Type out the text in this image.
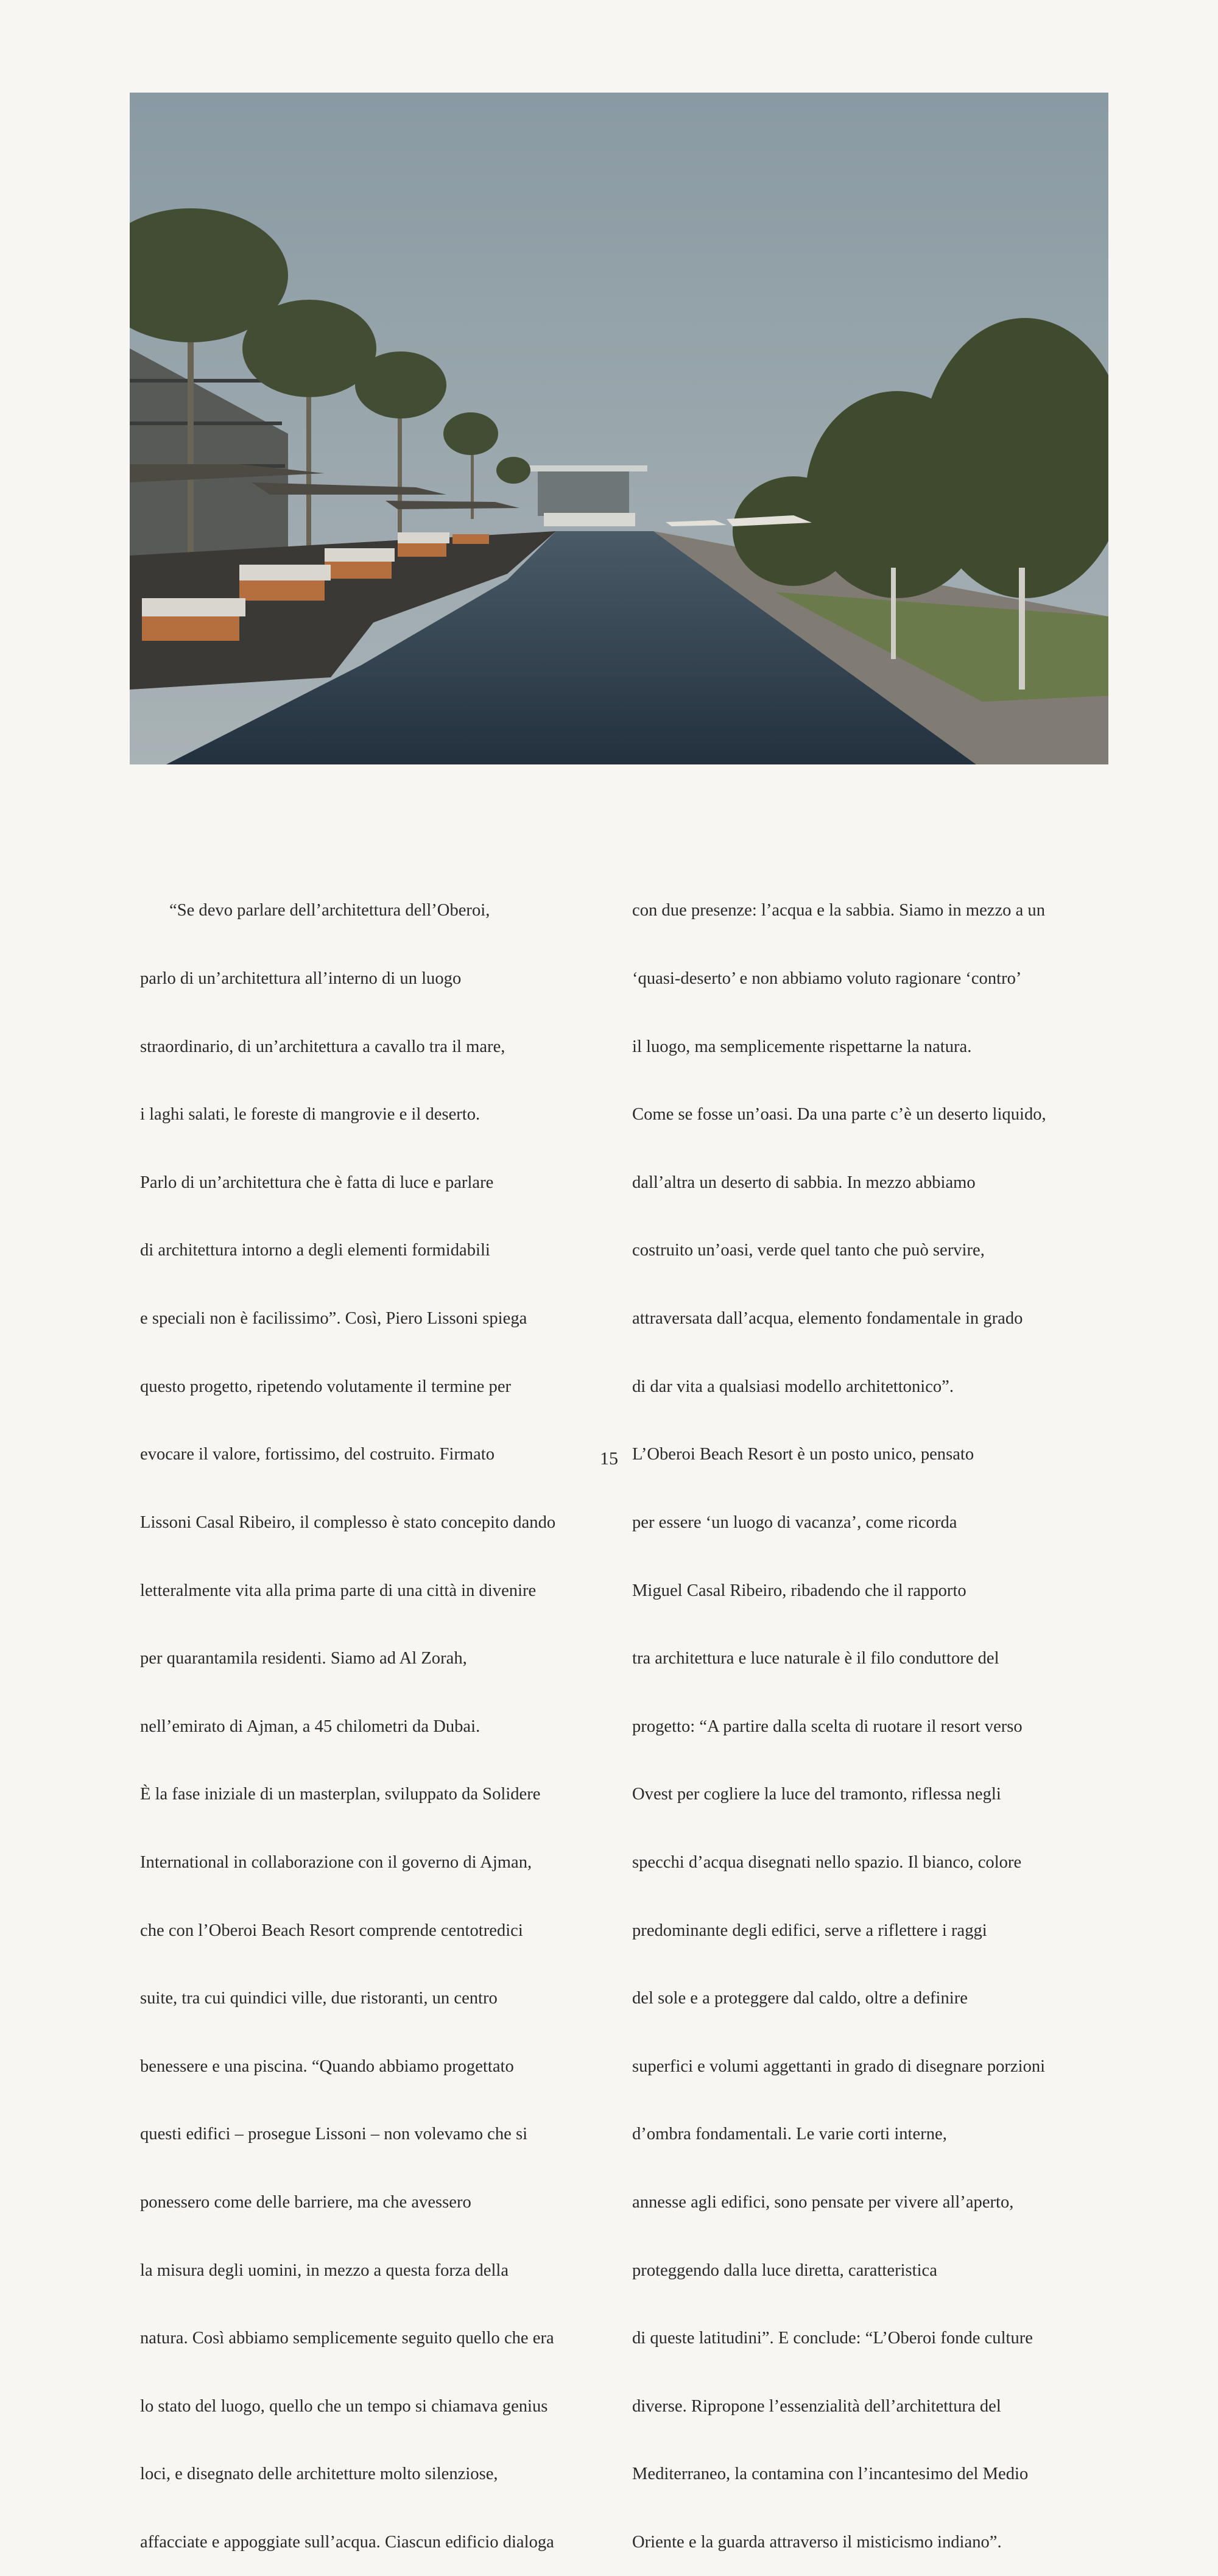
“Se devo parlare dell’architettura dell’Oberoi,

parlo di un’architettura all’interno di un luogo

straordinario, di un’architettura a cavallo tra il mare,

i laghi salati, le foreste di mangrovie e il deserto.

Parlo di un’architettura che è fatta di luce e parlare

di architettura intorno a degli elementi formidabili

e speciali non è facilissimo”. Così, Piero Lissoni spiega

questo progetto, ripetendo volutamente il termine per

evocare il valore, fortissimo, del costruito. Firmato

Lissoni Casal Ribeiro, il complesso è stato concepito dando

letteralmente vita alla prima parte di una città in divenire

per quarantamila residenti. Siamo ad Al Zorah,

nell’emirato di Ajman, a 45 chilometri da Dubai.

È la fase iniziale di un masterplan, sviluppato da Solidere

International in collaborazione con il governo di Ajman,

che con l’Oberoi Beach Resort comprende centotredici

suite, tra cui quindici ville, due ristoranti, un centro

benessere e una piscina. “Quando abbiamo progettato

questi edifici – prosegue Lissoni – non volevamo che si

ponessero come delle barriere, ma che avessero

la misura degli uomini, in mezzo a questa forza della

natura. Così abbiamo semplicemente seguito quello che era

lo stato del luogo, quello che un tempo si chiamava genius

loci, e disegnato delle architetture molto silenziose,

affacciate e appoggiate sull’acqua. Ciascun edificio dialoga

con due presenze: l’acqua e la sabbia. Siamo in mezzo a un

‘quasi-deserto’ e non abbiamo voluto ragionare ‘contro’

il luogo, ma semplicemente rispettarne la natura.

Come se fosse un’oasi. Da una parte c’è un deserto liquido,

dall’altra un deserto di sabbia. In mezzo abbiamo

costruito un’oasi, verde quel tanto che può servire,

attraversata dall’acqua, elemento fondamentale in grado

di dar vita a qualsiasi modello architettonico”.

L’Oberoi Beach Resort è un posto unico, pensato

per essere ‘un luogo di vacanza’, come ricorda

Miguel Casal Ribeiro, ribadendo che il rapporto

tra architettura e luce naturale è il filo conduttore del

progetto: “A partire dalla scelta di ruotare il resort verso

Ovest per cogliere la luce del tramonto, riflessa negli

specchi d’acqua disegnati nello spazio. Il bianco, colore

predominante degli edifici, serve a riflettere i raggi

del sole e a proteggere dal caldo, oltre a definire

superfici e volumi aggettanti in grado di disegnare porzioni

d’ombra fondamentali. Le varie corti interne,

annesse agli edifici, sono pensate per vivere all’aperto,

proteggendo dalla luce diretta, caratteristica

di queste latitudini”. E conclude: “L’Oberoi fonde culture

diverse. Ripropone l’essenzialità dell’architettura del

Mediterraneo, la contamina con l’incantesimo del Medio

Oriente e la guarda attraverso il misticismo indiano”.

15
